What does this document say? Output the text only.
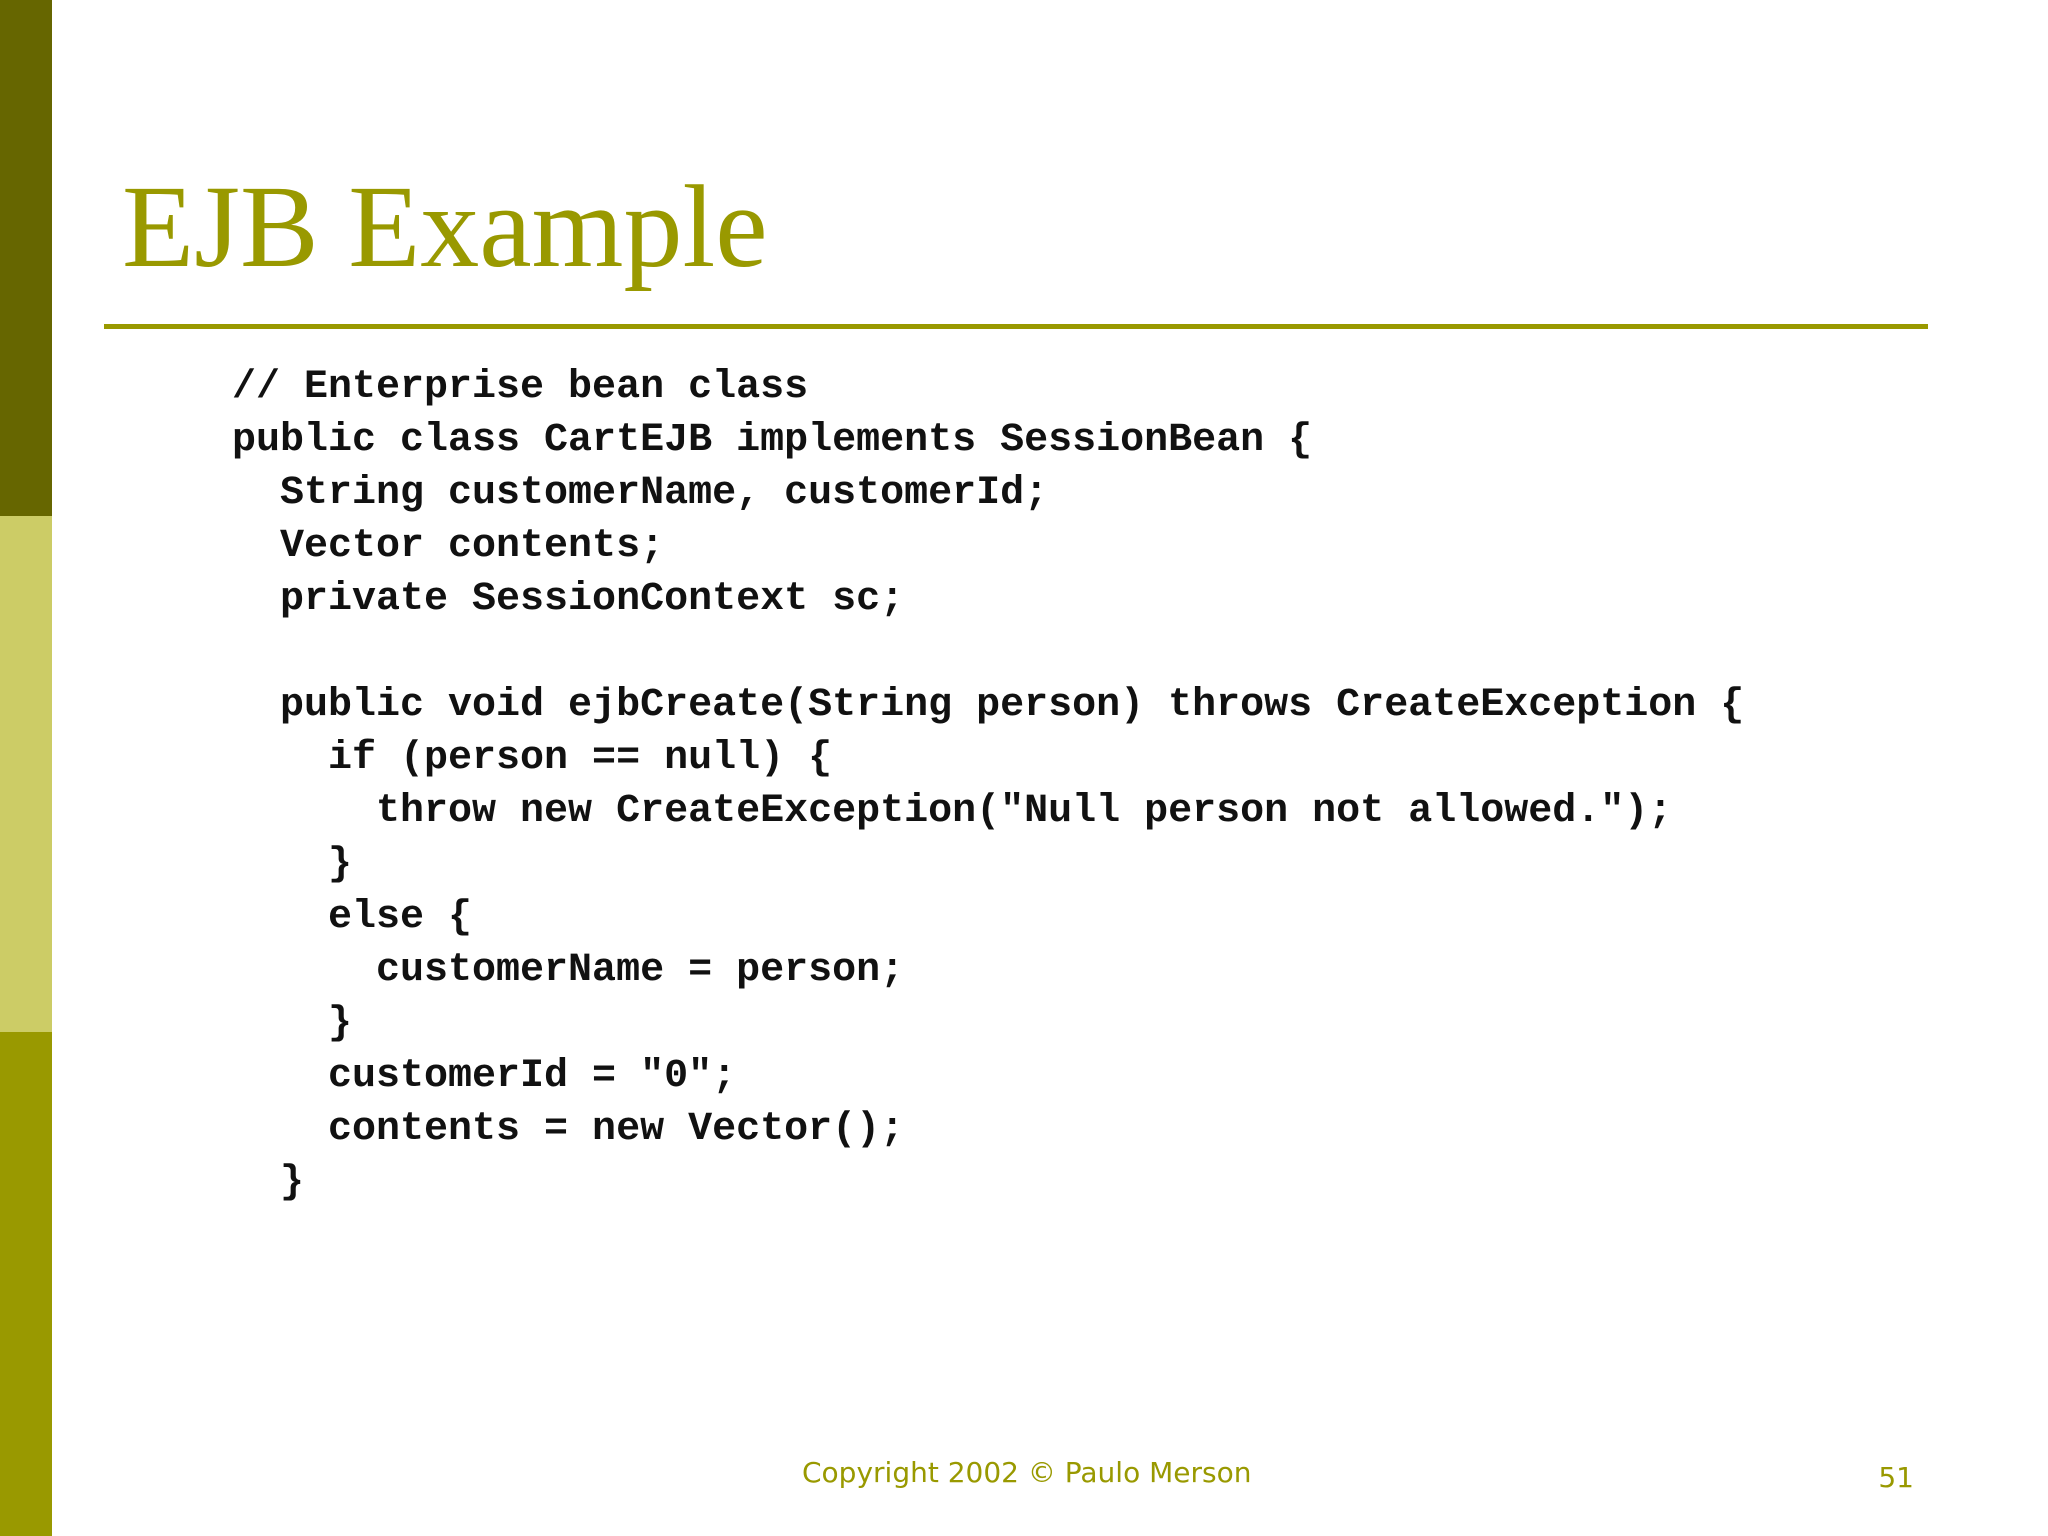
EJB Example
// Enterprise bean class
public class CartEJB implements SessionBean {
String customerName, customerId;
Vector contents;
private SessionContext sc;
public void ejbCreate(String person) throws CreateException {
if (person == null) {
throw new CreateException("Null person not allowed.");
}
else {
customerName = person;
}
customerId = "0";
contents = new Vector();
}
Copyright 2002 © Paulo Merson	51
